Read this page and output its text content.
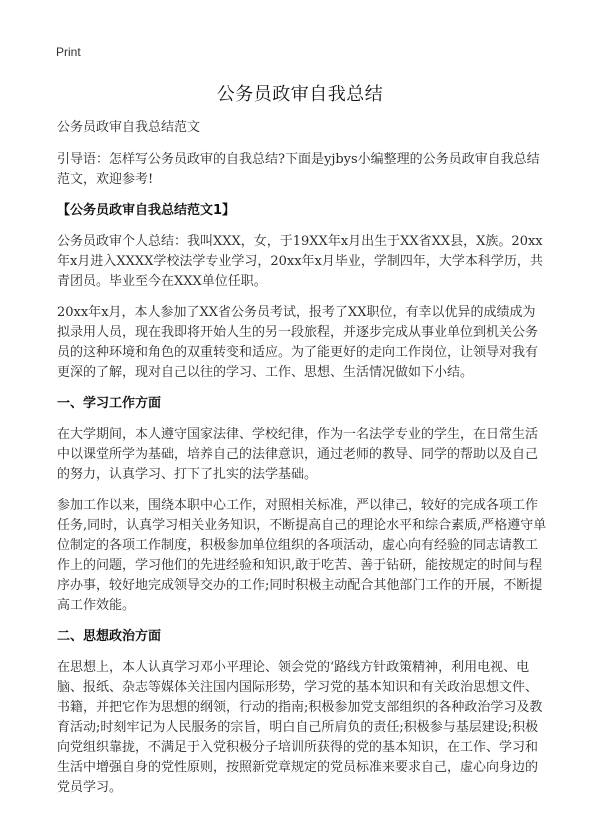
Print
公务员政审自我总结

公务员政审自我总结范文

引导语：怎样写公务员政审的自我总结?下面是yjbys小编整理的公务员政审自我总结范文，欢迎参考!

【公务员政审自我总结范文1】

公务员政审个人总结：我叫XXX，女，于19XX年x月出生于XX省XX县，X族。20xx年x月进入XXXX学校法学专业学习，20xx年x月毕业，学制四年，大学本科学历，共青团员。毕业至今在XXX单位任职。

20xx年x月，本人参加了XX省公务员考试，报考了XX职位，有幸以优异的成绩成为拟录用人员，现在我即将开始人生的另一段旅程，并逐步完成从事业单位到机关公务员的这种环境和角色的双重转变和适应。为了能更好的走向工作岗位，让领导对我有更深的了解，现对自己以往的学习、工作、思想、生活情况做如下小结。

一、学习工作方面

在大学期间，本人遵守国家法律、学校纪律，作为一名法学专业的学生，在日常生活中以课堂所学为基础，培养自己的法律意识，通过老师的教导、同学的帮助以及自己的努力，认真学习、打下了扎实的法学基础。

参加工作以来，围绕本职中心工作，对照相关标准，严以律己，较好的完成各项工作任务,同时，认真学习相关业务知识，不断提高自己的理论水平和综合素质,严格遵守单位制定的各项工作制度，积极参加单位组织的各项活动，虚心向有经验的同志请教工作上的问题，学习他们的先进经验和知识,敢于吃苦、善于钻研，能按规定的时间与程序办事，较好地完成领导交办的工作;同时积极主动配合其他部门工作的开展，不断提高工作效能。

二、思想政治方面

在思想上，本人认真学习邓小平理论、领会党的‘路线方针政策精神，利用电视、电脑、报纸、杂志等媒体关注国内国际形势，学习党的基本知识和有关政治思想文件、书籍，并把它作为思想的纲领，行动的指南;积极参加党支部组织的各种政治学习及教育活动;时刻牢记为人民服务的宗旨，明白自己所肩负的责任;积极参与基层建设;积极向党组织靠拢，不满足于入党积极分子培训所获得的党的基本知识，在工作、学习和生活中增强自身的党性原则，按照新党章规定的党员标准来要求自己，虚心向身边的党员学习。
